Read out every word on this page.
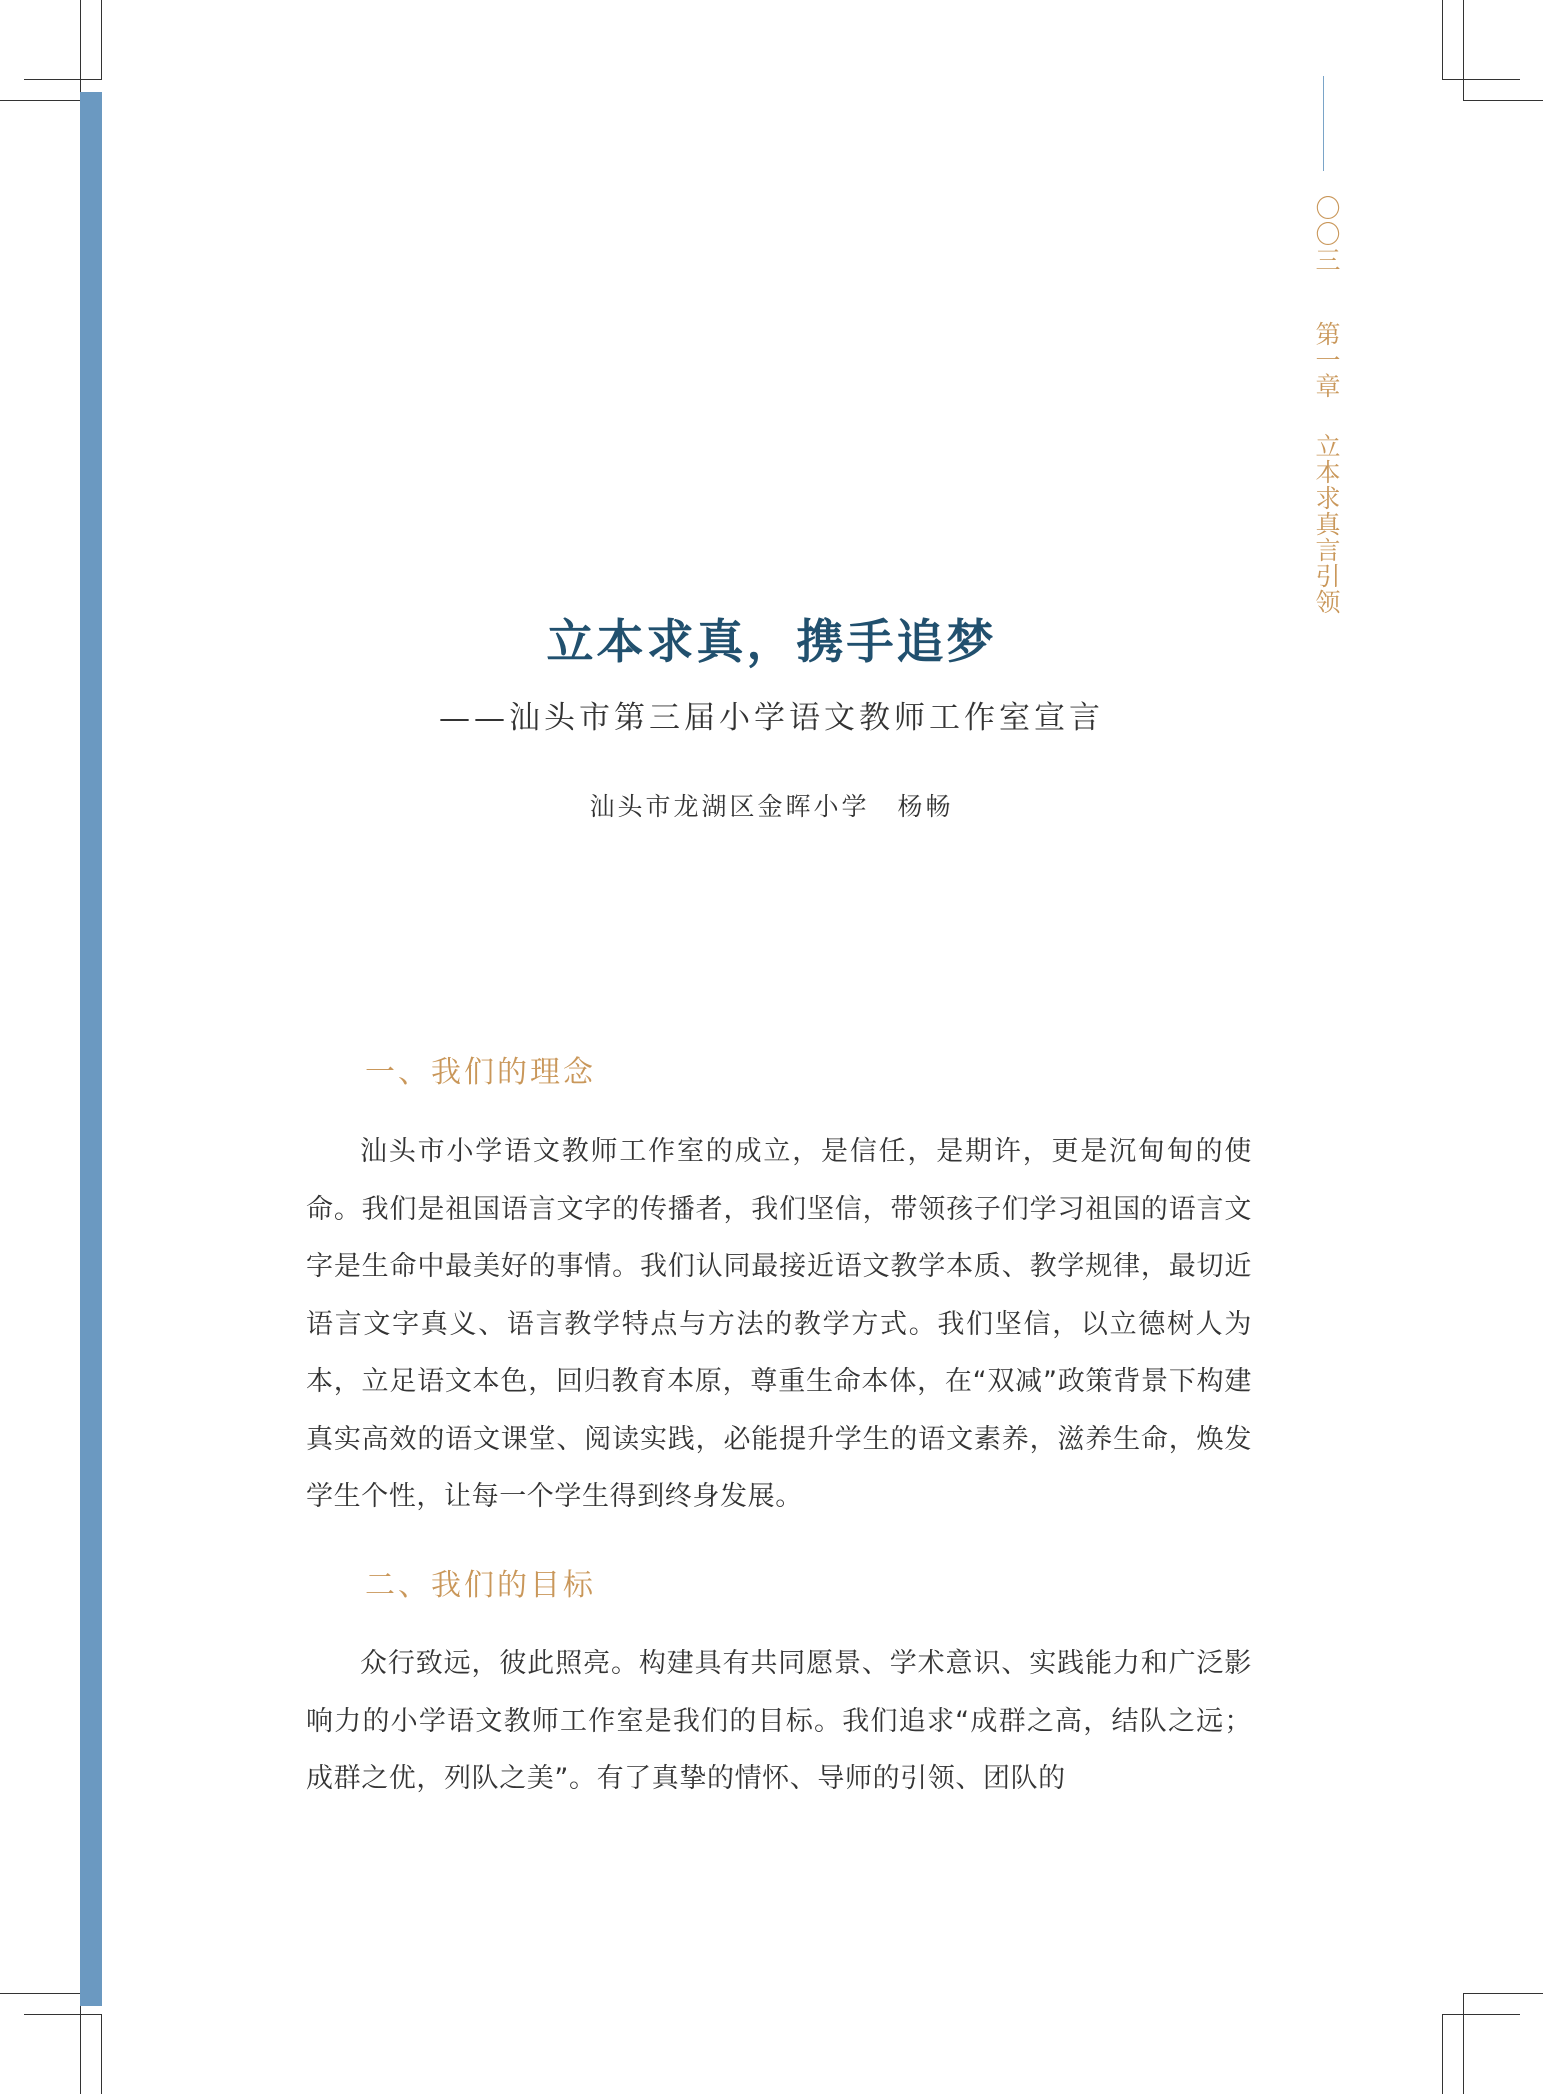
〇〇三第一章立本求真言引领
立本求真，携手追梦
——汕头市第三届小学语文教师工作室宣言
汕头市龙湖区金晖小学 杨畅
一、我们的理念

汕头市小学语文教师工作室的成立，是信任，是期许，更是沉甸甸的使命。我们是祖国语言文字的传播者，我们坚信，带领孩子们学习祖国的语言文字是生命中最美好的事情。我们认同最接近语文教学本质、教学规律，最切近语言文字真义、语言教学特点与方法的教学方式。我们坚信，以立德树人为本，立足语文本色，回归教育本原，尊重生命本体，在“双减”政策背景下构建真实高效的语文课堂、阅读实践，必能提升学生的语文素养，滋养生命，焕发学生个性，让每一个学生得到终身发展。

二、我们的目标

众行致远，彼此照亮。构建具有共同愿景、学术意识、实践能力和广泛影响力的小学语文教师工作室是我们的目标。我们追求“成群之高，结队之远；成群之优，列队之美”。有了真挚的情怀、导师的引领、团队的
